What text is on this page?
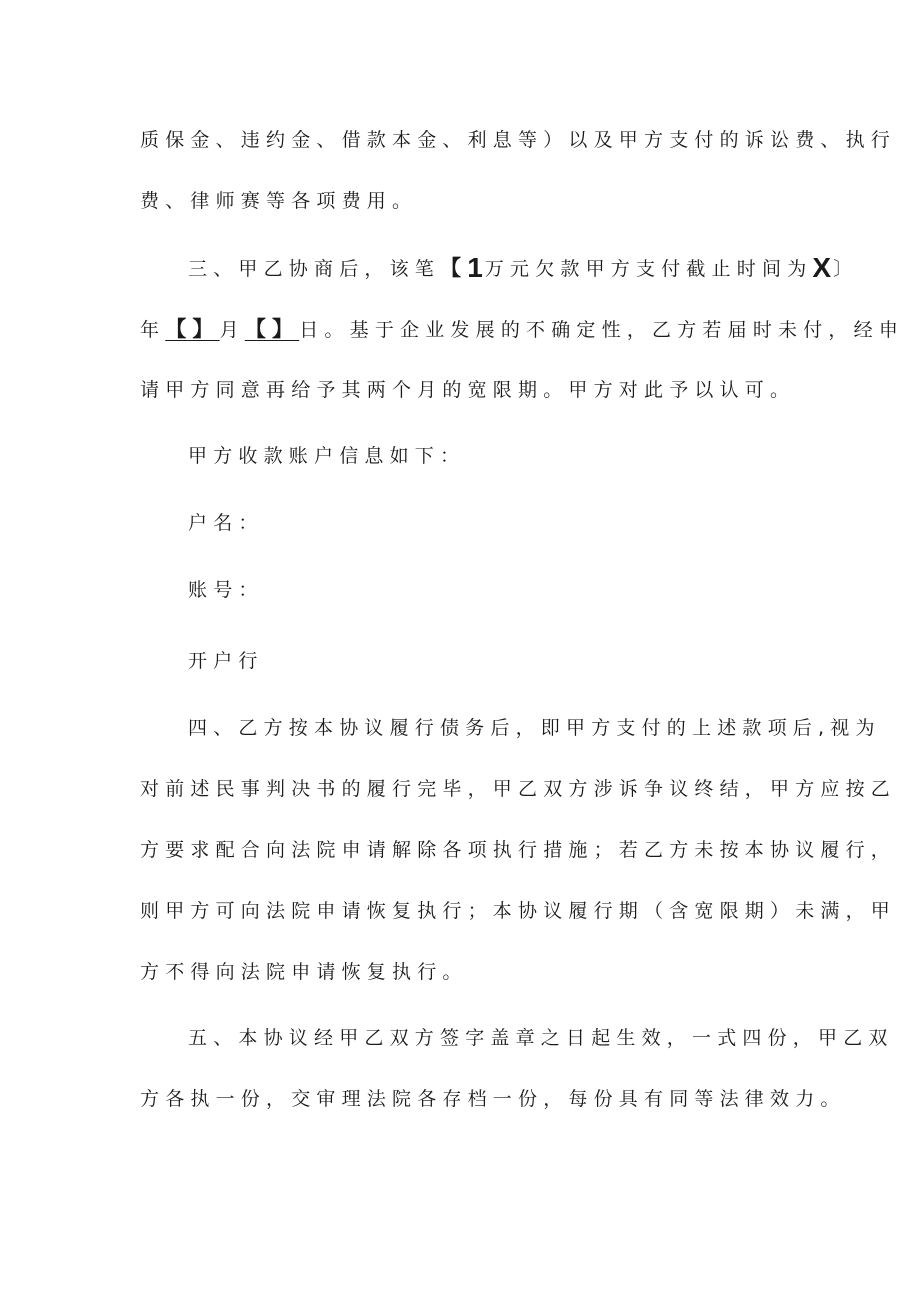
质保金、违约金、借款本金、利息等）以及甲方支付的诉讼费、执行
费、律师赛等各项费用。
三、甲乙协商后，该笔【1万元欠款甲方支付截止时间为X〕
年【】月【】日。基于企业发展的不确定性，乙方若届时未付，经申
请甲方同意再给予其两个月的宽限期。甲方对此予以认可。
甲方收款账户信息如下：
户名：
账号：
开户行
四、乙方按本协议履行债务后，即甲方支付的上述款项后,视为
对前述民事判决书的履行完毕，甲乙双方涉诉争议终结，甲方应按乙
方要求配合向法院申请解除各项执行措施；若乙方未按本协议履行，
则甲方可向法院申请恢复执行；本协议履行期（含宽限期）未满，甲
方不得向法院申请恢复执行。
五、本协议经甲乙双方签字盖章之日起生效，一式四份，甲乙双
方各执一份，交审理法院各存档一份，每份具有同等法律效力。
